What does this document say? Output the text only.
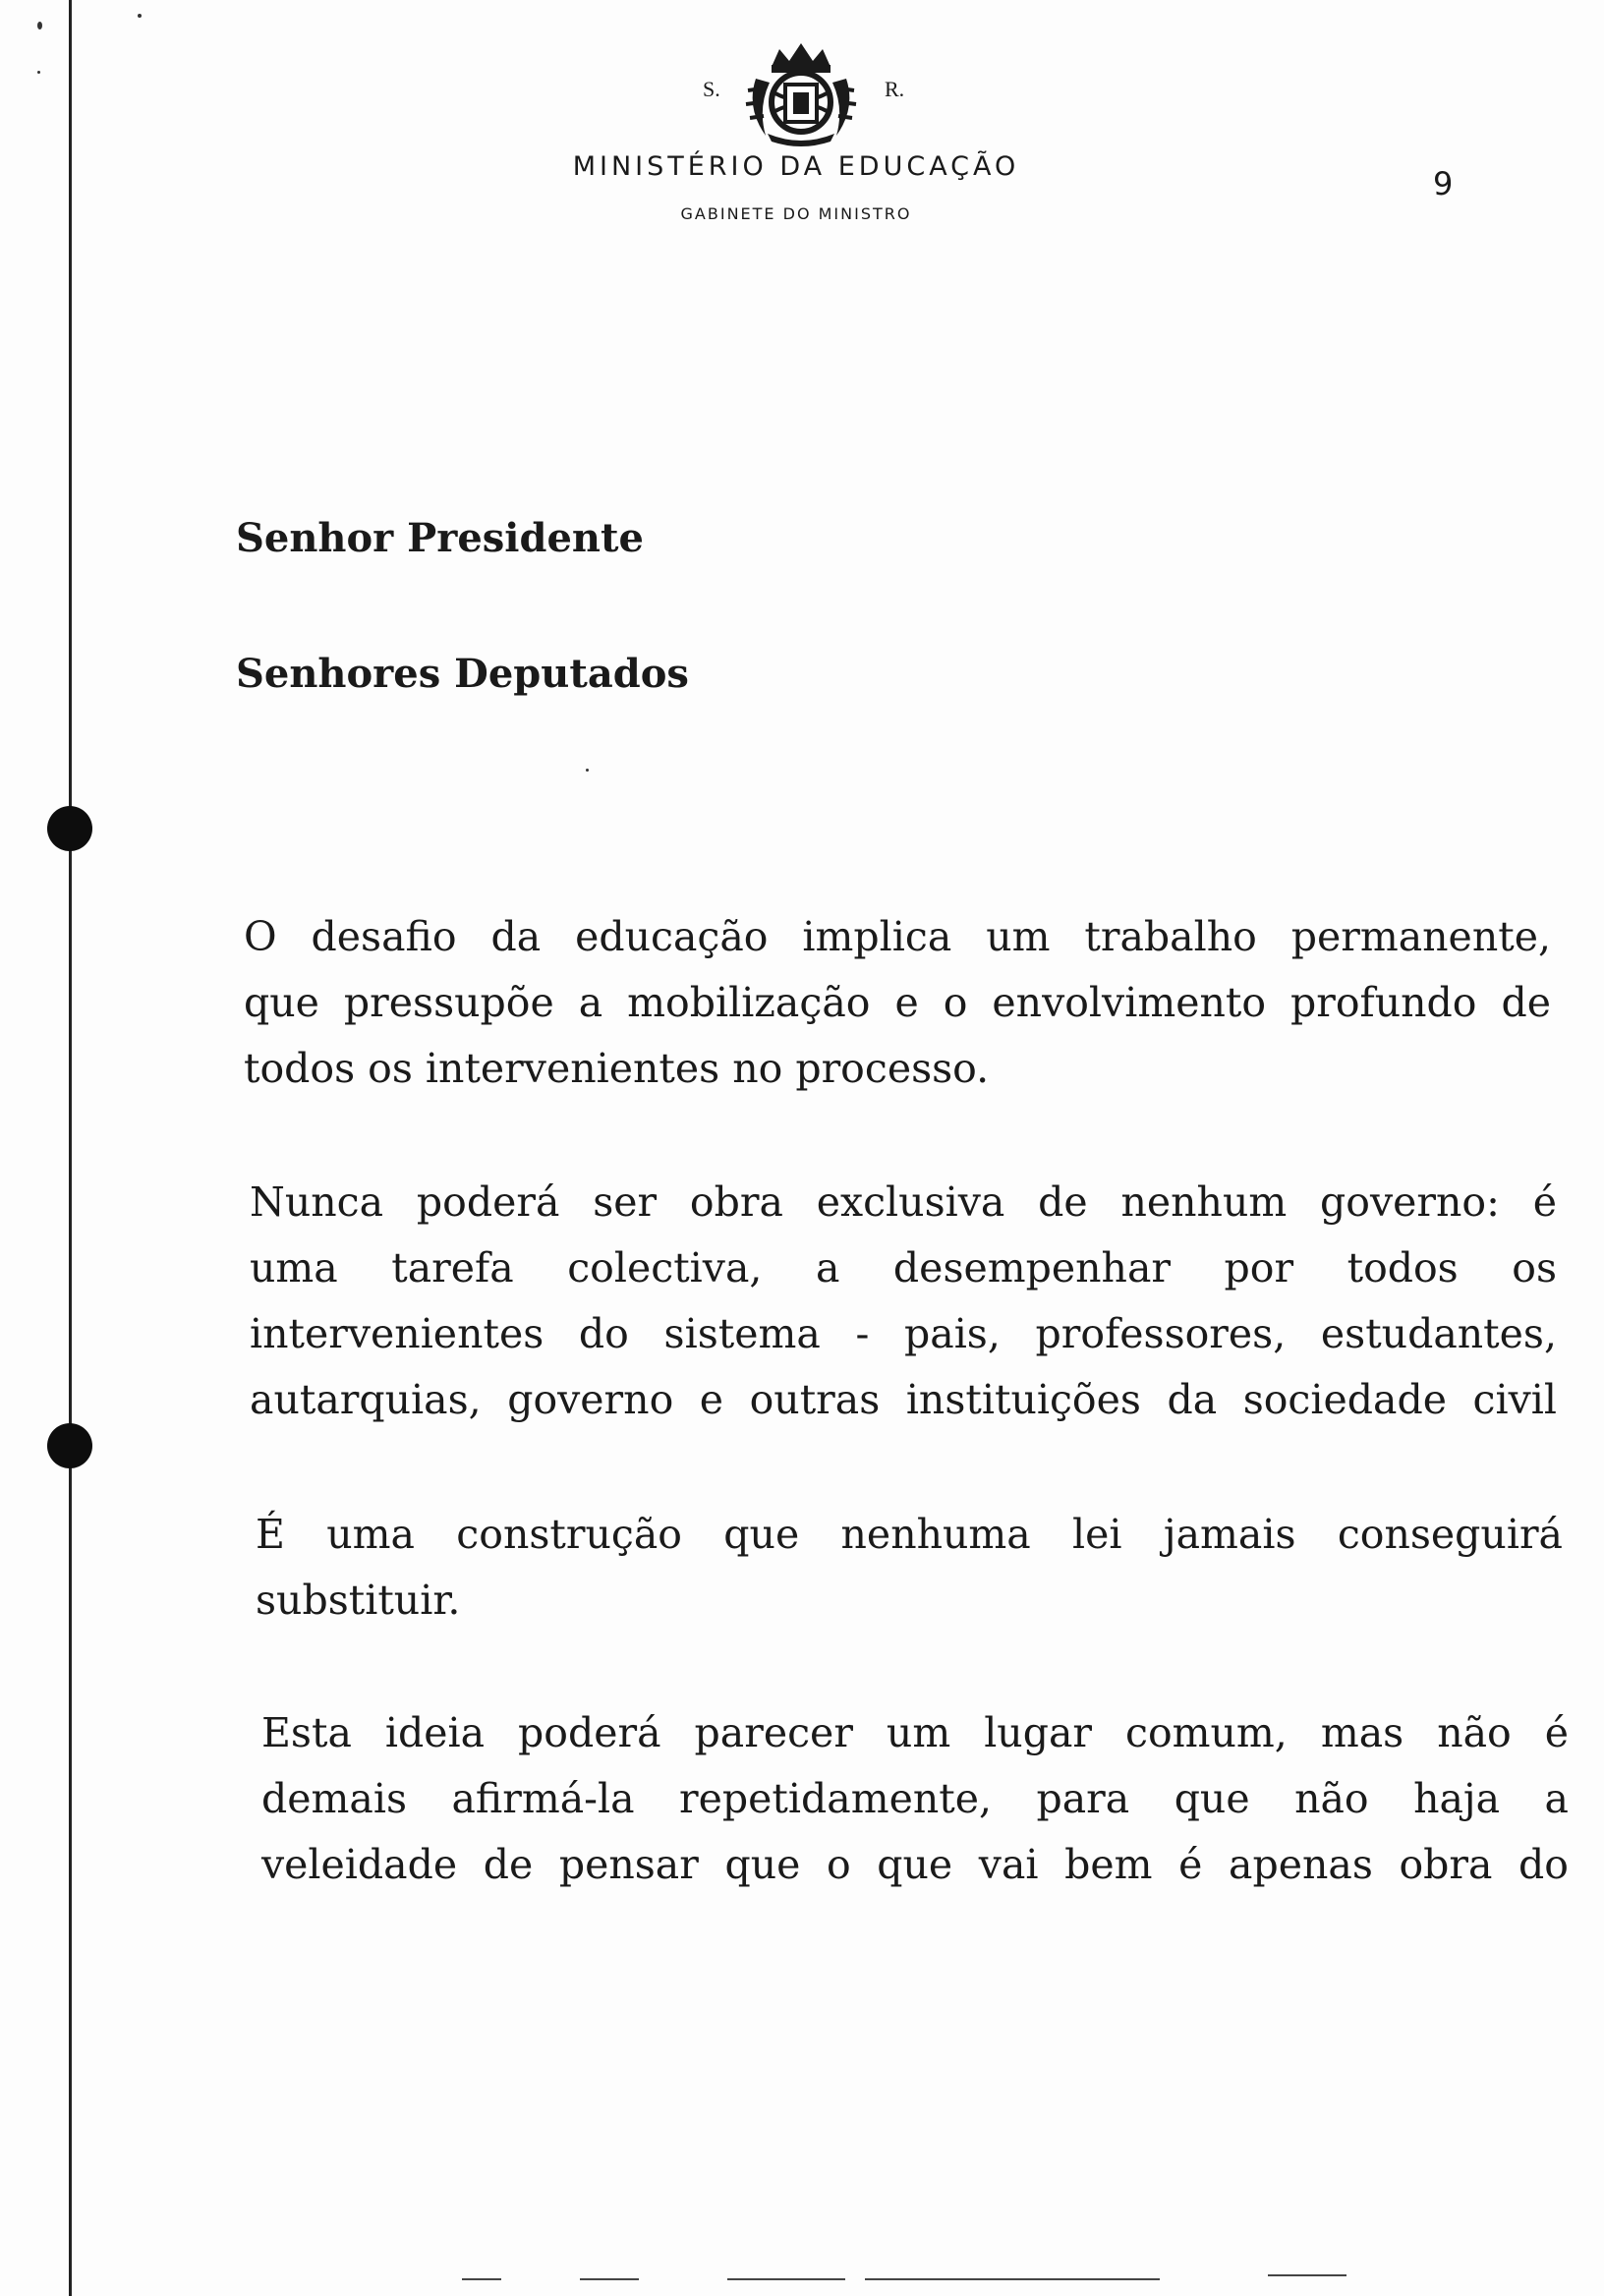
S.	R.
MINISTÉRIO DA EDUCAÇÃO
GABINETE DO MINISTRO
9
Senhor Presidente
Senhores Deputados
O desafio da educação implica um trabalho permanente,
que pressupõe a mobilização e o envolvimento profundo de
todos os intervenientes no processo.
Nunca poderá ser obra exclusiva de nenhum governo: é
uma tarefa colectiva, a desempenhar por todos os
intervenientes do sistema - pais, professores, estudantes,
autarquias, governo e outras instituições da sociedade civil
É uma construção que nenhuma lei jamais conseguirá
substituir.
Esta ideia poderá parecer um lugar comum, mas não é
demais afirmá-la repetidamente, para que não haja a
veleidade de pensar que o que vai bem é apenas obra do
